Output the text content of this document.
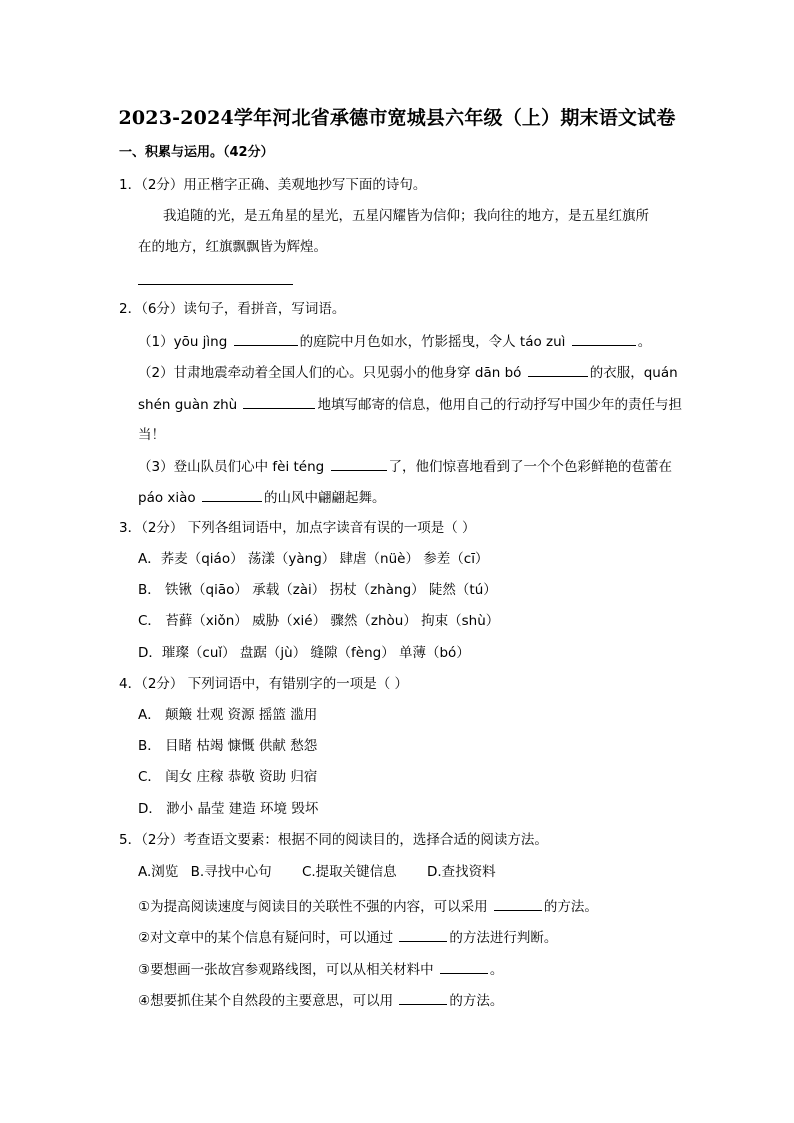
2023-2024学年河北省承德市宽城县六年级（上）期末语文试卷
一、积累与运用。（42分）
1．（2分）用正楷字正确、美观地抄写下面的诗句。
我追随的光，是五角星的星光，五星闪耀皆为信仰；我向往的地方，是五星红旗所
在的地方，红旗飘飘皆为辉煌。
2．（6分）读句子，看拼音，写词语。
（1）yōu jìng	的庭院中月色如水，竹影摇曳，令人 táo zuì	。
（2）甘肃地震牵动着全国人们的心。只见弱小的他身穿 dān bó	的衣服，quán
shén guàn zhù	地填写邮寄的信息，他用自己的行动抒写中国少年的责任与担
当！
（3）登山队员们心中 fèi téng	了，他们惊喜地看到了一个个色彩鲜艳的苞蕾在
páo xiào	的山风中翩翩起舞。
3．（2分） 下列各组词语中，加点字读音有误的一项是（ ）
A．荞麦（qiáo） 荡漾（yàng） 肆虐（nüè） 参差（cī）
B． 铁锹（qiāo） 承载（zài） 拐杖（zhàng） 陡然（tú）
C． 苔藓（xiǒn） 威胁（xié） 骤然（zhòu） 拘束（shù）
D．璀璨（cuǐ） 盘踞（jù） 缝隙（fèng） 单薄（bó）
4．（2分） 下列词语中，有错别字的一项是（ ）
A． 颠簸 壮观 资源 摇篮 滥用
B． 目睹 枯竭 慷慨 供献 愁怨
C． 闺女 庄稼 恭敬 资助 归宿
D． 渺小 晶莹 建造 环境 毁坏
5．（2分）考查语文要素：根据不同的阅读目的，选择合适的阅读方法。
A.浏览 B.寻找中心句 C.提取关键信息 D.查找资料
①为提高阅读速度与阅读目的关联性不强的内容，可以采用	的方法。
②对文章中的某个信息有疑问时，可以通过	的方法进行判断。
③要想画一张故宫参观路线图，可以从相关材料中	。
④想要抓住某个自然段的主要意思，可以用	的方法。
